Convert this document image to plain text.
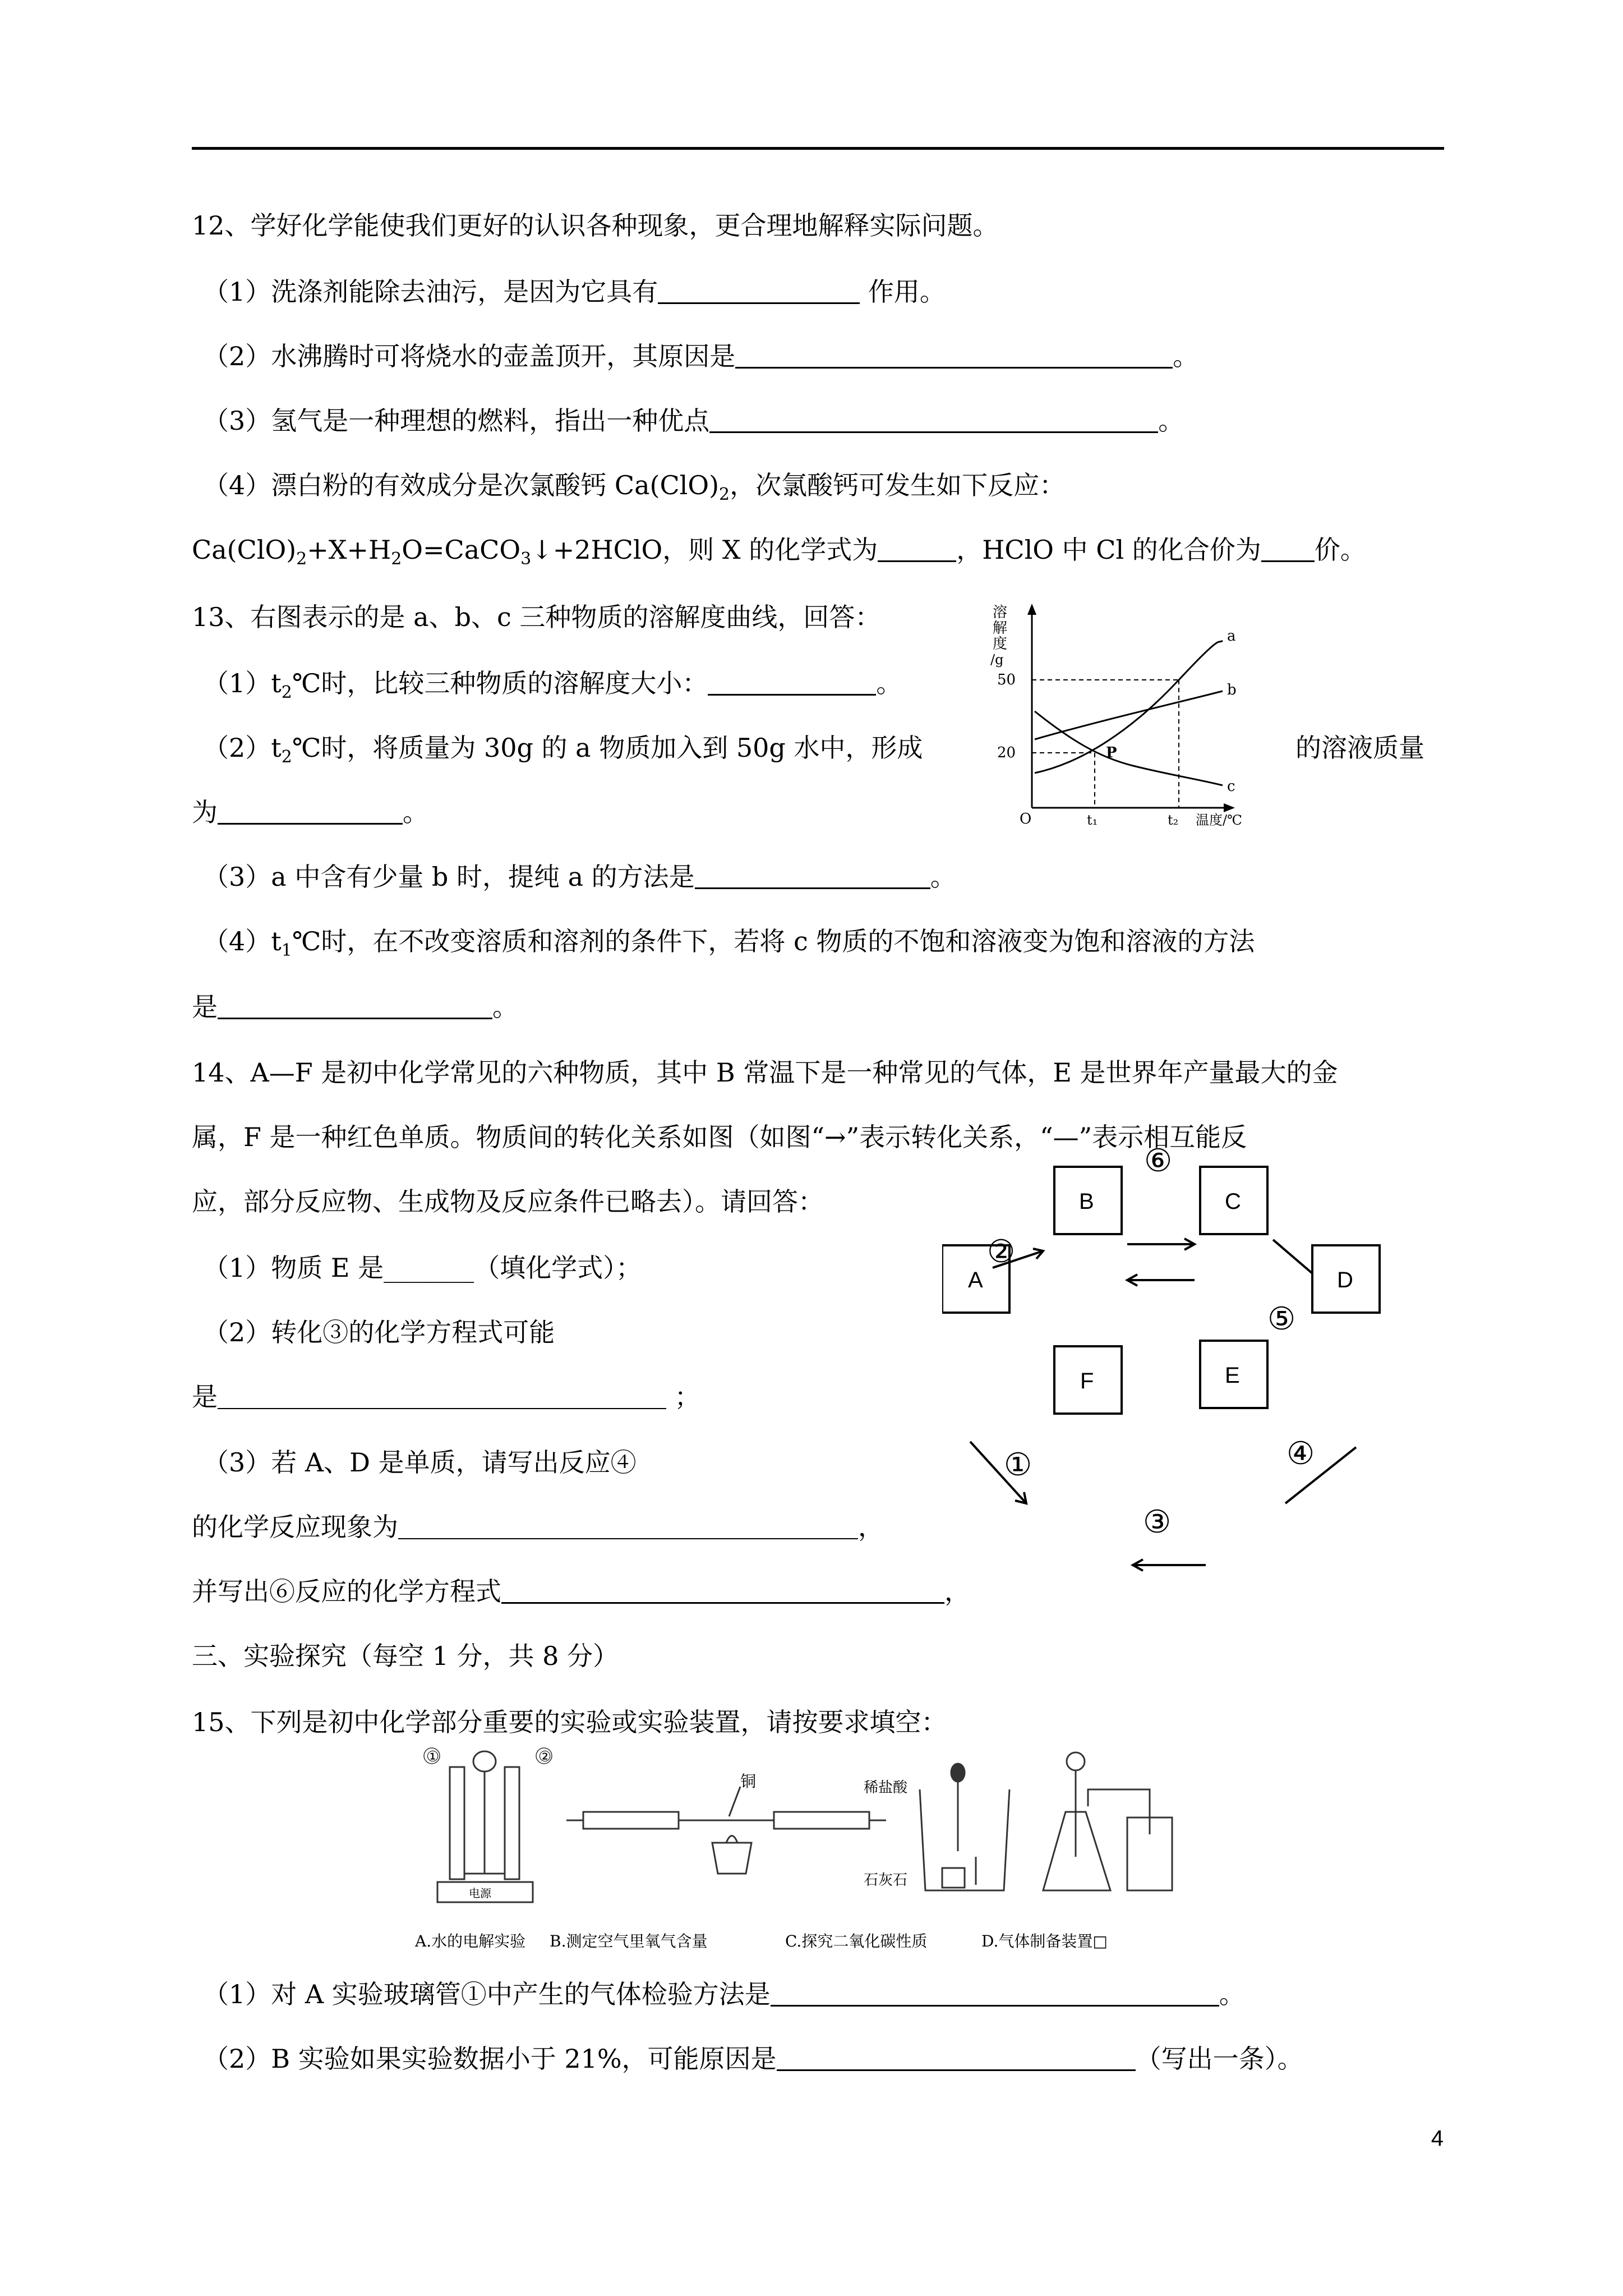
12、学好化学能使我们更好的认识各种现象，更合理地解释实际问题。
（1）洗涤剂能除去油污，是因为它具有	作用。
（2）水沸腾时可将烧水的壶盖顶开，其原因是	。
（3）氢气是一种理想的燃料，指出一种优点	。
（4）漂白粉的有效成分是次氯酸钙 $Ca(ClO)_2$，次氯酸钙可发生如下反应：
$Ca(ClO)_2+X+H_2O=CaCO_3↓+2HClO$，则 X 的化学式为	，HClO 中 Cl 的化合价为 价。
13、右图表示的是 a、b、c 三种物质的溶解度曲线，回答：
$(1)t_2℃$时，比较三种物质的溶解度大小：	。
$(2)t_2℃$时，将质量为 30g 的 a 物质加入到 50g 水中，形成	的溶液质量
为	。
（3）a 中含有少量 b 时，提纯 a 的方法是	。
$(4)t_1℃$时，在不改变溶质和溶剂的条件下，若将 c 物质的不饱和溶液变为饱和溶液的方法
是	。
溶
解
度
/g
50
20
O	t₁	t₂ 温度/℃
a
b
c
P
14、A—F 是初中化学常见的六种物质，其中 B 常温下是一种常见的气体，E 是世界年产量最大的金
属，F 是一种红色单质。物质间的转化关系如图（如图“→”表示转化关系，“—”表示相互能反
应，部分反应物、生成物及反应条件已略去）。请回答：
（1）物质 E 是_______（填化学式）；
（2）转化③的化学方程式可能
是	；
（3）若 A、D 是单质，请写出反应④
的化学反应现象为	，
并写出⑥反应的化学方程式	，
B	C
A	D
F	E
⑥
②
⑤
①	④
③
三、实验探究（每空 1 分，共 8 分）
15、下列是初中化学部分重要的实验或实验装置，请按要求填空：
①	②
电源
铜	稀盐酸
石灰石
A.水的电解实验 B.测定空气里氧气含量	C.探究二氧化碳性质	D.气体制备装置□
（1）对 A 实验玻璃管①中产生的气体检验方法是	。
（2）B 实验如果实验数据小于 21%，可能原因是	（写出一条）。
4
